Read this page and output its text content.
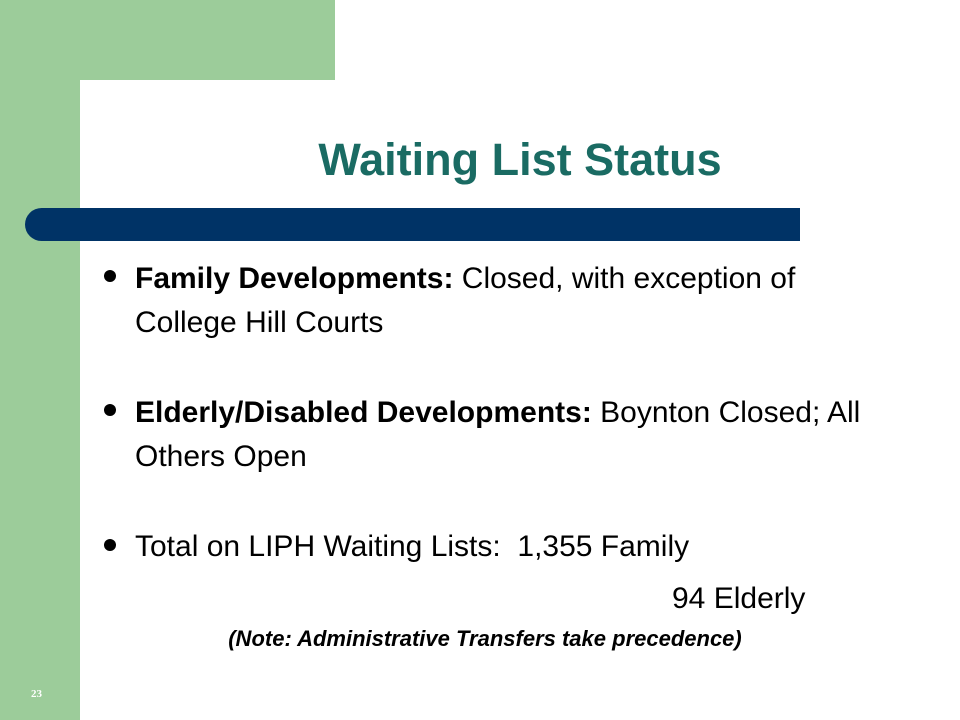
Waiting List Status
Family Developments: Closed, with exception of College Hill Courts
Elderly/Disabled Developments: Boynton Closed; All Others Open
Total on LIPH Waiting Lists:  1,355 Family
94 Elderly
(Note: Administrative Transfers take precedence)
23
